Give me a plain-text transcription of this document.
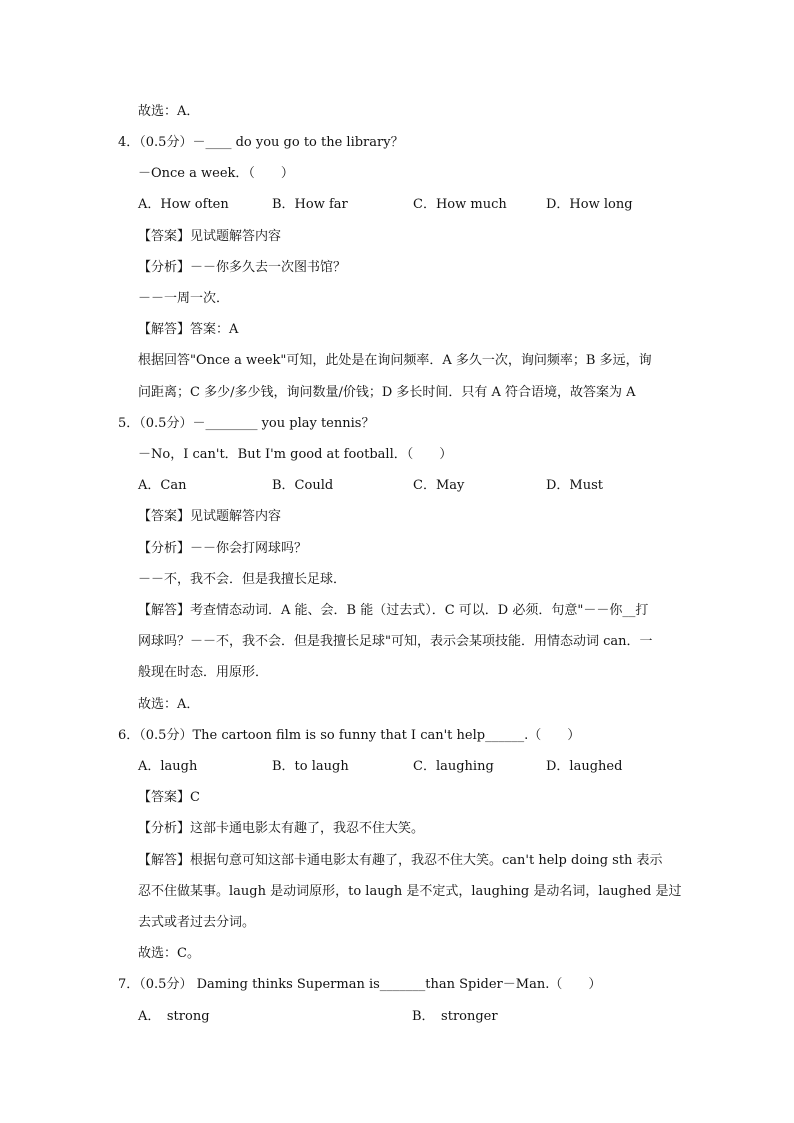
故选：A．
4．（0.5分）－____ do you go to the library？
－Once a week．（　　）
A．How often	B．How far	C．How much	D．How long
【答案】见试题解答内容
【分析】－－你多久去一次图书馆？
－－一周一次．
【解答】答案：A
根据回答"Once a week"可知，此处是在询问频率．A 多久一次，询问频率；B 多远，询
问距离；C 多少/多少钱，询问数量/价钱；D 多长时间．只有 A 符合语境，故答案为 A
5．（0.5分）－________ you play tennis？
－No，I can't．But I'm good at football．（　　）
A．Can	B．Could	C．May	D．Must
【答案】见试题解答内容
【分析】－－你会打网球吗？
－－不，我不会．但是我擅长足球．
【解答】考查情态动词．A 能、会．B 能（过去式）．C 可以．D 必须．句意"－－你__打
网球吗？－－不，我不会．但是我擅长足球"可知，表示会某项技能．用情态动词 can．一
般现在时态．用原形．
故选：A．
6．（0.5分）The cartoon film is so funny that I can't help______.（　　）
A．laugh	B．to laugh	C．laughing	D．laughed
【答案】C
【分析】这部卡通电影太有趣了，我忍不住大笑。
【解答】根据句意可知这部卡通电影太有趣了，我忍不住大笑。can't help doing sth 表示
忍不住做某事。laugh 是动词原形，to laugh 是不定式，laughing 是动名词，laughed 是过
去式或者过去分词。
故选：C。
7．（0.5分） Daming thinks Superman is_______than Spider－Man.（　　）
A．　strong	B．　stronger
